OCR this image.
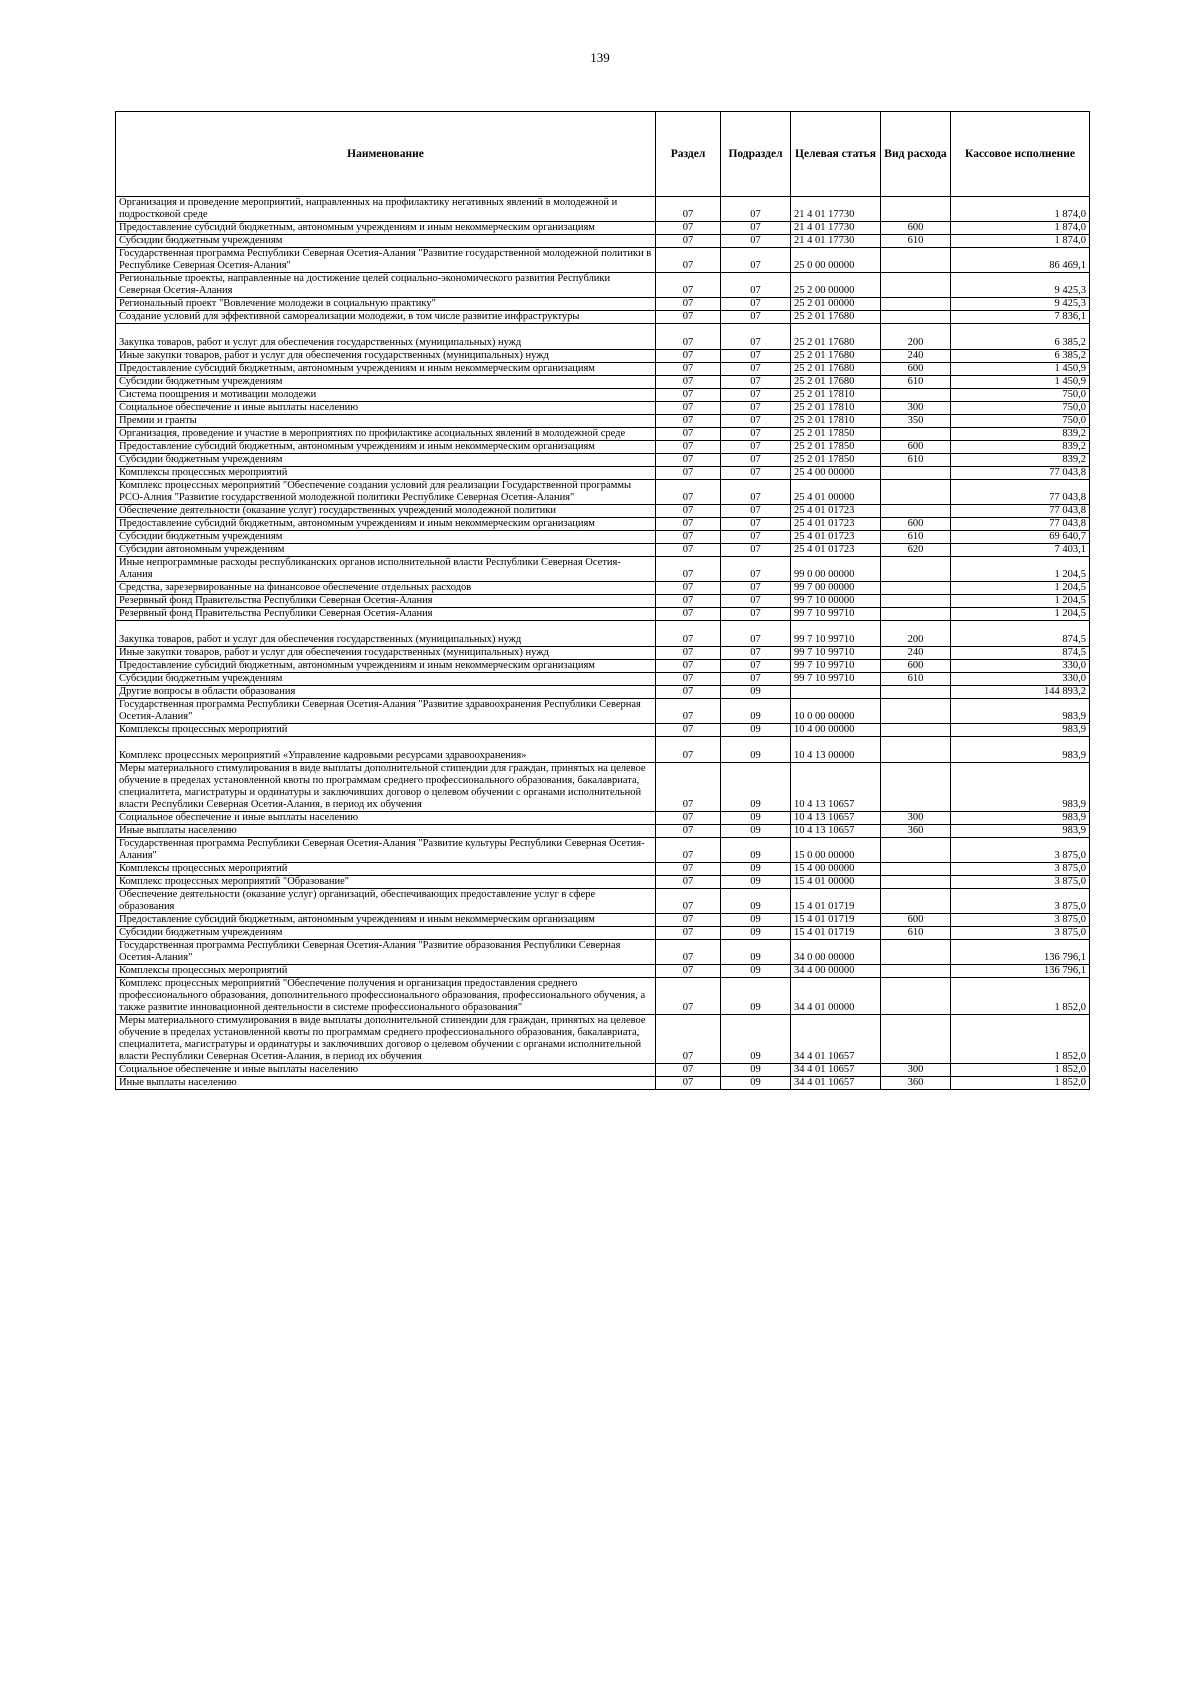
139
Наименование	Раздел	Подраздел	Целевая статья	Вид расхода	Кассовое исполнение
Организация и проведение мероприятий, направленных на профилактику негативных явлений в молодежной и подростковой среде	07	07	21 4 01 17730		1 874,0
Предоставление субсидий бюджетным, автономным учреждениям и иным некоммерческим организациям	07	07	21 4 01 17730	600	1 874,0
Субсидии бюджетным учреждениям	07	07	21 4 01 17730	610	1 874,0
Государственная программа Республики Северная Осетия-Алания "Развитие государственной молодежной политики в Республике Северная Осетия-Алания"	07	07	25 0 00 00000		86 469,1
Региональные проекты, направленные на достижение целей социально-экономического развития Республики Северная Осетия-Алания	07	07	25 2 00 00000		9 425,3
Региональный проект "Вовлечение молодежи в социальную практику"	07	07	25 2 01 00000		9 425,3
Создание условий для эффективной самореализации молодежи, в том числе развитие инфраструктуры	07	07	25 2 01 17680		7 836,1
Закупка товаров, работ и услуг для обеспечения государственных (муниципальных) нужд	07	07	25 2 01 17680	200	6 385,2
Иные закупки товаров, работ и услуг для обеспечения государственных (муниципальных) нужд	07	07	25 2 01 17680	240	6 385,2
Предоставление субсидий бюджетным, автономным учреждениям и иным некоммерческим организациям	07	07	25 2 01 17680	600	1 450,9
Субсидии бюджетным учреждениям	07	07	25 2 01 17680	610	1 450,9
Система поощрения и мотивации молодежи	07	07	25 2 01 17810		750,0
Социальное обеспечение и иные выплаты населению	07	07	25 2 01 17810	300	750,0
Премии и гранты	07	07	25 2 01 17810	350	750,0
Организация, проведение и участие в мероприятиях по профилактике асоциальных явлений в молодежной среде	07	07	25 2 01 17850		839,2
Предоставление субсидий бюджетным, автономным учреждениям и иным некоммерческим организациям	07	07	25 2 01 17850	600	839,2
Субсидии бюджетным учреждениям	07	07	25 2 01 17850	610	839,2
Комплексы процессных мероприятий	07	07	25 4 00 00000		77 043,8
Комплекс процессных мероприятий "Обеспечение создания условий для реализации Государственной программы РСО-Алния "Развитие государственной молодежной политики Республике Северная Осетия-Алания"	07	07	25 4 01 00000		77 043,8
Обеспечение деятельности (оказание услуг) государственных учреждений молодежной политики	07	07	25 4 01 01723		77 043,8
Предоставление субсидий бюджетным, автономным учреждениям и иным некоммерческим организациям	07	07	25 4 01 01723	600	77 043,8
Субсидии бюджетным учреждениям	07	07	25 4 01 01723	610	69 640,7
Субсидии автономным учреждениям	07	07	25 4 01 01723	620	7 403,1
Иные непрограммные расходы республиканских органов исполнительной власти Республики Северная Осетия-Алания	07	07	99 0 00 00000		1 204,5
Средства, зарезервированные на финансовое обеспечение отдельных расходов	07	07	99 7 00 00000		1 204,5
Резервный фонд Правительства Республики Северная Осетия-Алания	07	07	99 7 10 00000		1 204,5
Резервный фонд Правительства Республики Северная Осетия-Алания	07	07	99 7 10 99710		1 204,5
Закупка товаров, работ и услуг для обеспечения государственных (муниципальных) нужд	07	07	99 7 10 99710	200	874,5
Иные закупки товаров, работ и услуг для обеспечения государственных (муниципальных) нужд	07	07	99 7 10 99710	240	874,5
Предоставление субсидий бюджетным, автономным учреждениям и иным некоммерческим организациям	07	07	99 7 10 99710	600	330,0
Субсидии бюджетным учреждениям	07	07	99 7 10 99710	610	330,0
Другие вопросы в области образования	07	09			144 893,2
Государственная программа Республики Северная Осетия-Алания "Развитие здравоохранения Республики Северная Осетия-Алания"	07	09	10 0 00 00000		983,9
Комплексы процессных мероприятий	07	09	10 4 00 00000		983,9
Комплекс процессных мероприятий «Управление кадровыми ресурсами здравоохранения»	07	09	10 4 13 00000		983,9
Меры материального стимулирования в виде выплаты дополнительной стипендии для граждан, принятых на целевое обучение в пределах установленной квоты по программам среднего профессионального образования, бакалавриата, специалитета, магистратуры и ординатуры и заключивших договор о целевом обучении с органами исполнительной власти Республики Северная Осетия-Алания, в период их обучения	07	09	10 4 13 10657		983,9
Социальное обеспечение и иные выплаты населению	07	09	10 4 13 10657	300	983,9
Иные выплаты населению	07	09	10 4 13 10657	360	983,9
Государственная программа Республики Северная Осетия-Алания "Развитие культуры Республики Северная Осетия-Алания"	07	09	15 0 00 00000		3 875,0
Комплексы процессных мероприятий	07	09	15 4 00 00000		3 875,0
Комплекс процессных мероприятий "Образование"	07	09	15 4 01 00000		3 875,0
Обеспечение деятельности (оказание услуг) организаций, обеспечивающих предоставление услуг в сфере образования	07	09	15 4 01 01719		3 875,0
Предоставление субсидий бюджетным, автономным учреждениям и иным некоммерческим организациям	07	09	15 4 01 01719	600	3 875,0
Субсидии бюджетным учреждениям	07	09	15 4 01 01719	610	3 875,0
Государственная программа Республики Северная Осетия-Алания "Развитие образования Республики Северная Осетия-Алания"	07	09	34 0 00 00000		136 796,1
Комплексы процессных мероприятий	07	09	34 4 00 00000		136 796,1
Комплекс процессных мероприятий "Обеспечение получения и организация предоставления среднего профессионального образования, дополнительного профессионального образования, профессионального обучения, а также развитие инновационной деятельности в системе профессионального образования"	07	09	34 4 01 00000		1 852,0
Меры материального стимулирования в виде выплаты дополнительной стипендии для граждан, принятых на целевое обучение в пределах установленной квоты по программам среднего профессионального образования, бакалавриата, специалитета, магистратуры и ординатуры и заключивших договор о целевом обучении с органами исполнительной власти Республики Северная Осетия-Алания, в период их обучения	07	09	34 4 01 10657		1 852,0
Социальное обеспечение и иные выплаты населению	07	09	34 4 01 10657	300	1 852,0
Иные выплаты населению	07	09	34 4 01 10657	360	1 852,0
